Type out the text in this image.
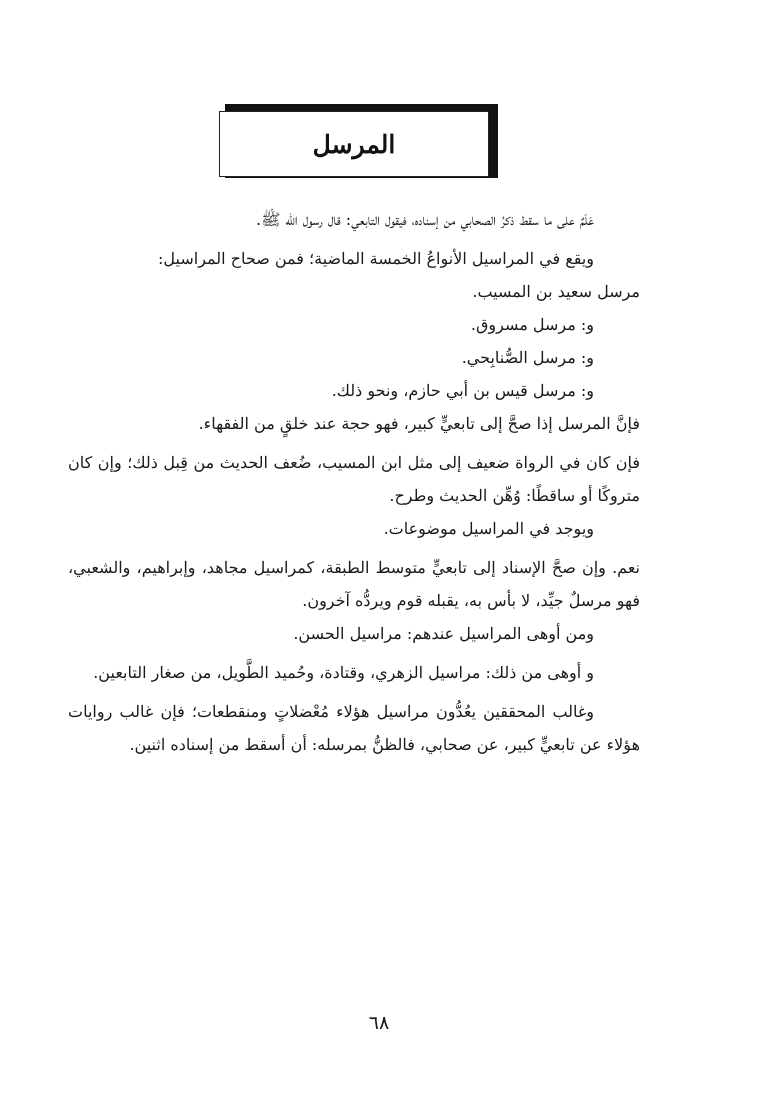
المرسل

عَلَمٌ على ما سقط ذكرُ الصحابي من إسناده، فيقول التابعي: قال رسول الله ﷺ.

ويقع في المراسيل الأنواعُ الخمسة الماضية؛ فمن صحاح المراسيل:

مرسل سعيد بن المسيب.

و: مرسل مسروق.

و: مرسل الصُّنابِحي.

و: مرسل قيس بن أبي حازم، ونحو ذلك.

فإنَّ المرسل إذا صحَّ إلى تابعيٍّ كبير، فهو حجة عند خلقٍ من الفقهاء.

فإن كان في الرواة ضعيف إلى مثل ابن المسيب، ضُعف الحديث من قِبل ذلك؛ وإن كان متروكًا أو ساقطًا: وُهِّن الحديث وطرح.

ويوجد في المراسيل موضوعات.

نعم. وإن صحَّ الإسناد إلى تابعيٍّ متوسط الطبقة، كمراسيل مجاهد، وإبراهيم، والشعبي، فهو مرسلٌ جيِّد، لا بأس به، يقبله قوم ويردُّه آخرون.

ومن أوهى المراسيل عندهم: مراسيل الحسن.

و أوهى من ذلك: مراسيل الزهري، وقتادة، وحُميد الطَّويل، من صغار التابعين.

وغالب المحققين يعُدُّون مراسيل هؤلاء مُعْضلاتٍ ومنقطعات؛ فإن غالب روايات هؤلاء عن تابعيٍّ كبير، عن صحابي، فالظنُّ بمرسله: أن أسقط من إسناده اثنين.

٦٨
